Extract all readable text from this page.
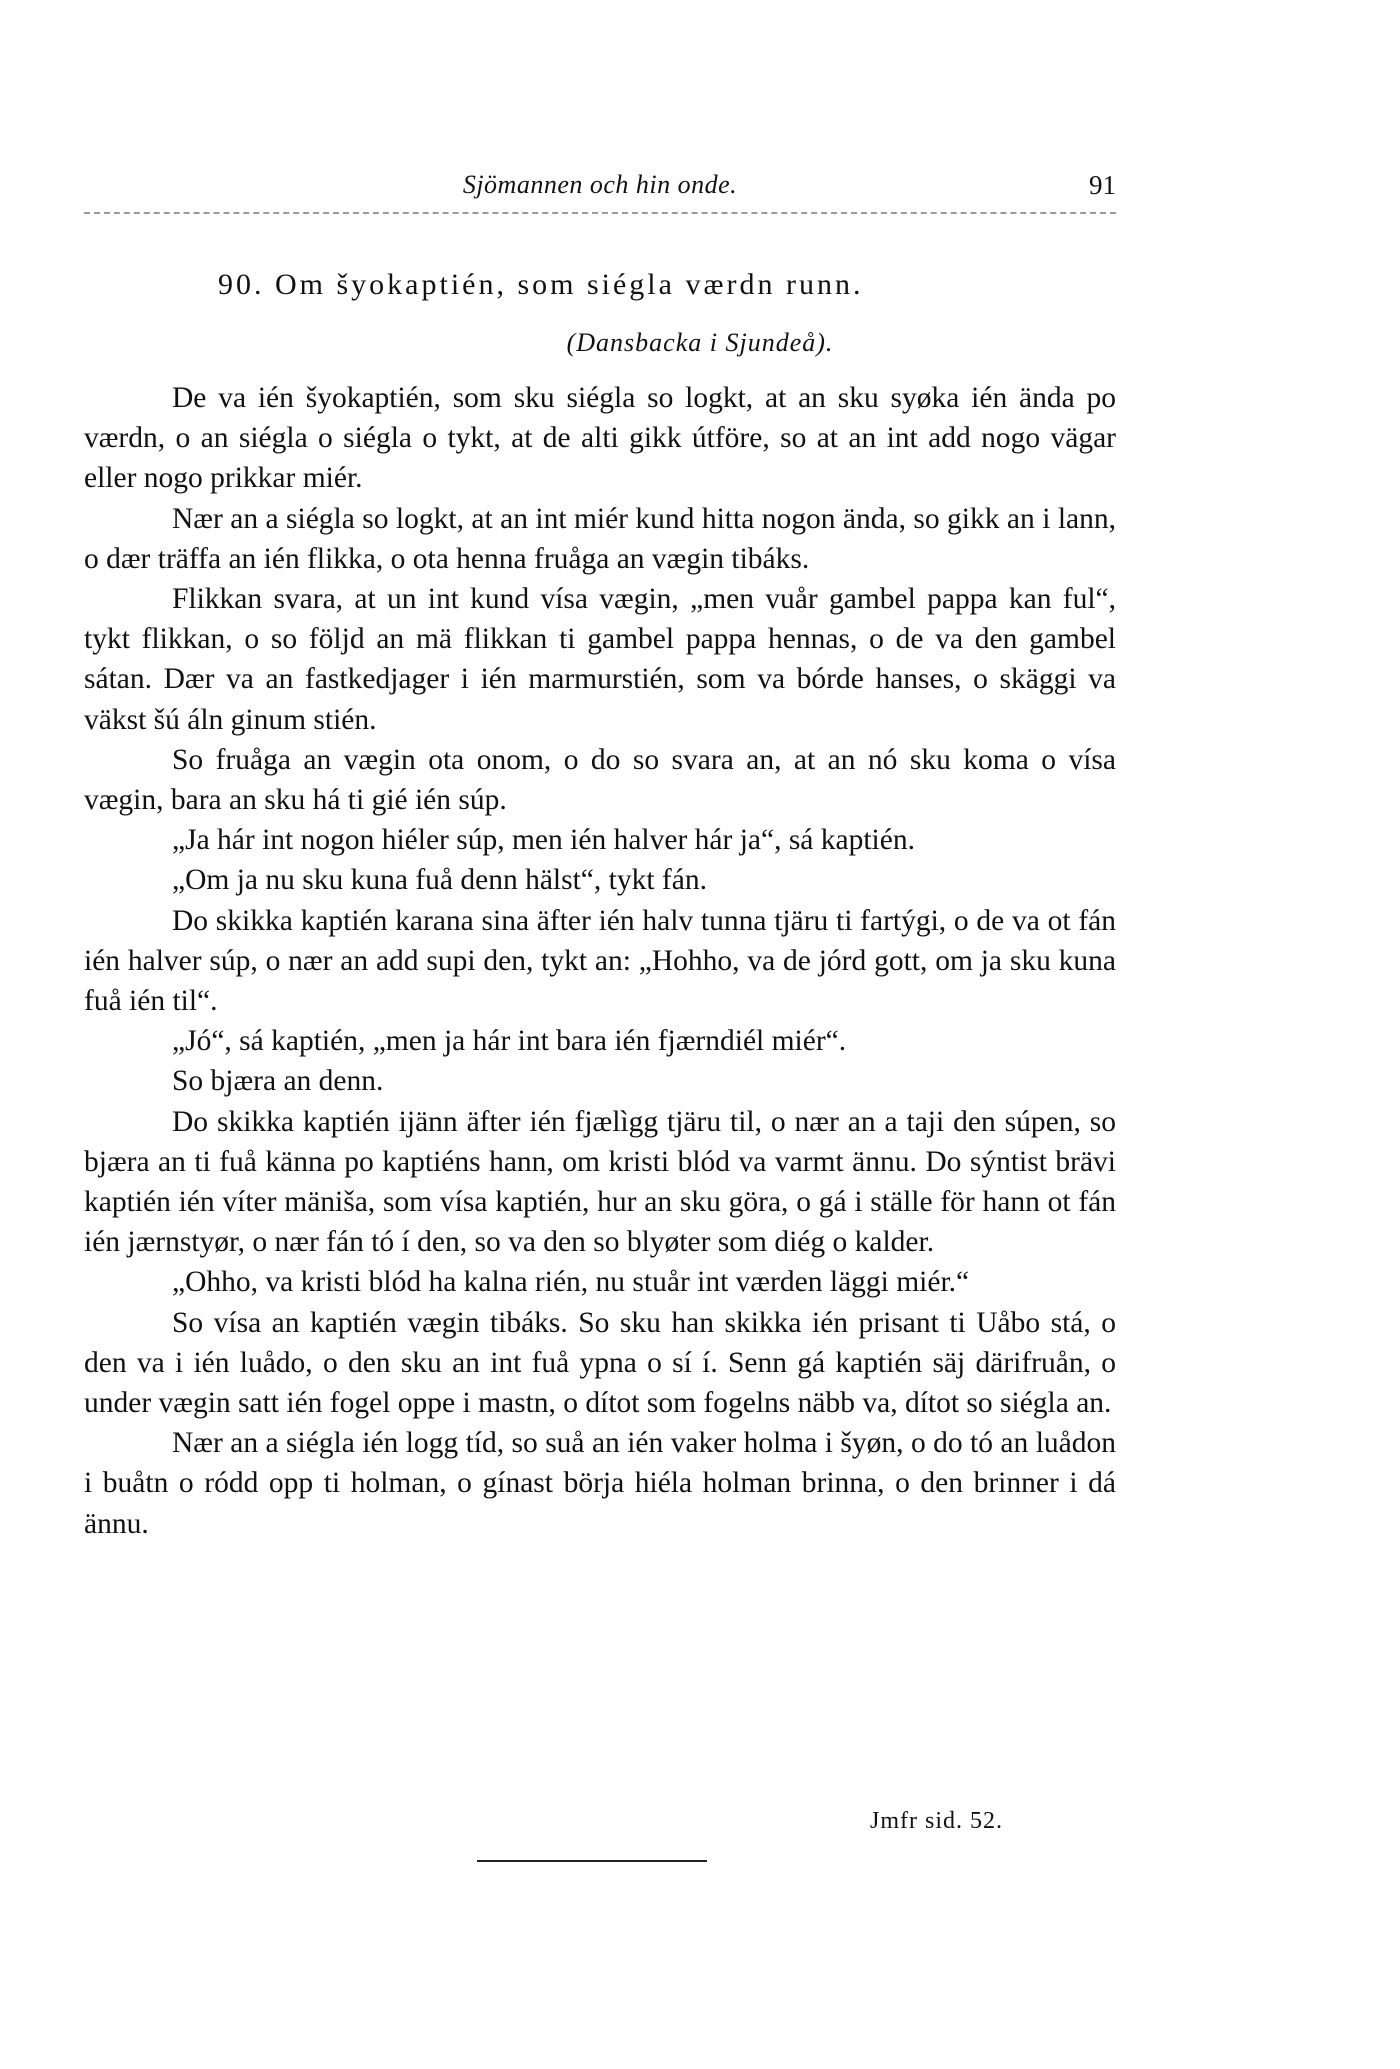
Sjömannen och hin onde.	91
90. Om šyokaptién, som siégla værdn runn.
(Dansbacka i Sjundeå).

De va ién šyokaptién, som sku siégla so logkt, at an sku syøka ién ända po værdn, o an siégla o siégla o tykt, at de alti gikk útföre, so at an int add nogo vägar eller nogo prikkar miér.

Nær an a siégla so logkt, at an int miér kund hitta nogon ända, so gikk an i lann, o dær träffa an ién flikka, o ota henna fruåga an vægin tibáks.

Flikkan svara, at un int kund vísa vægin, „men vuår gambel pappa kan ful“, tykt flikkan, o so följd an mä flikkan ti gambel pappa hennas, o de va den gambel sátan. Dær va an fastkedjager i ién marmurstién, som va bórde hanses, o skäggi va väkst šú áln ginum stién.

So fruåga an vægin ota onom, o do so svara an, at an nó sku koma o vísa vægin, bara an sku há ti gié ién súp.

„Ja hár int nogon hiéler súp, men ién halver hár ja“, sá kaptién.

„Om ja nu sku kuna fuå denn hälst“, tykt fán.

Do skikka kaptién karana sina äfter ién halv tunna tjäru ti fartýgi, o de va ot fán ién halver súp, o nær an add supi den, tykt an: „Hohho, va de jórd gott, om ja sku kuna fuå ién til“.

„Jó“, sá kaptién, „men ja hár int bara ién fjærndiél miér“.

So bjæra an denn.

Do skikka kaptién ijänn äfter ién fjælìgg tjäru til, o nær an a taji den súpen, so bjæra an ti fuå känna po kaptiéns hann, om kristi blód va varmt ännu. Do sýntist brävi kaptién ién víter mänišа, som vísa kaptién, hur an sku göra, o gá i ställe för hann ot fán ién jærnstyør, o nær fán tó í den, so va den so blyøter som diég o kalder.

„Ohho, va kristi blód ha kalna rién, nu stuår int værden läggi miér.“

So vísa an kaptién vægin tibáks. So sku han skikka ién prisant ti Uåbo stá, o den va i ién luådo, o den sku an int fuå ypna o sí í. Senn gá kaptién säj därifruån, o under vægin satt ién fogel oppe i mastn, o dítot som fogelns näbb va, dítot so siégla an.

Nær an a siégla ién logg tíd, so suå an ién vaker holma i šyøn, o do tó an luådon i buåtn o ródd opp ti holman, o gínast börja hiéla holman brinna, o den brinner i dá ännu.

Jmfr sid. 52.
